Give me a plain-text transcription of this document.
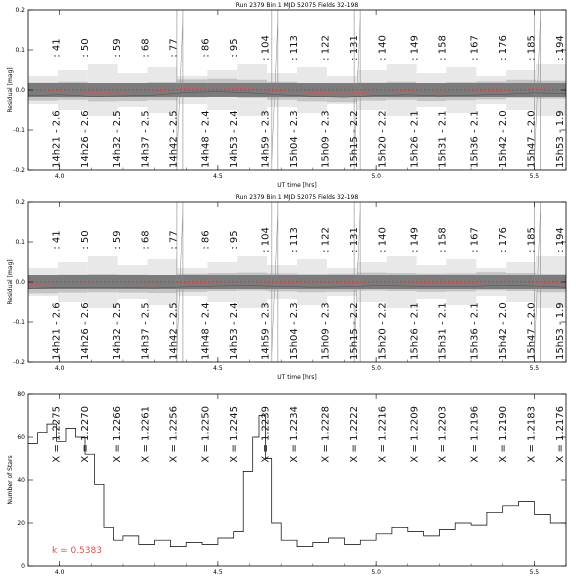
: 41 : 50 : 59 : 68 : 77 : 86 : 95 : 104 : 113 : 122 : 131 : 140 : 149 : 158 : 167 : 176 : 185 : 194
14h21 - 2.6 14h26 - 2.6 14h32 - 2.5 14h37 - 2.5 14h42 - 2.5 14h48 - 2.4 14h53 - 2.4 14h59 - 2.3 15h04 - 2.3 15h09 - 2.3 15h15 - 2.2 15h20 - 2.2 15h26 - 2.1 15h31 - 2.1 15h36 - 2.1 15h42 - 2.0 15h47 - 2.0 15h53 - 1.9
4.0	4.5	5.0	5.5
-0.2
-0.1
0.0
0.1
0.2
Run 2379 Bin 1 MJD 52075 Fields 32-198
UT time [hrs]
Residual [mag]
: 41 : 50 : 59 : 68 : 77 : 86 : 95 : 104 : 113 : 122 : 131 : 140 : 149 : 158 : 167 : 176 : 185 : 194
14h21 - 2.6 14h26 - 2.6 14h32 - 2.5 14h37 - 2.5 14h42 - 2.5 14h48 - 2.4 14h53 - 2.4 14h59 - 2.3 15h04 - 2.3 15h09 - 2.3 15h15 - 2.2 15h20 - 2.2 15h26 - 2.1 15h31 - 2.1 15h36 - 2.1 15h42 - 2.0 15h47 - 2.0 15h53 - 1.9
4.0	4.5	5.0	5.5
-0.2
-0.1
0.0
0.1
0.2
Run 2379 Bin 1 MJD 52075 Fields 32-198
UT time [hrs]
Residual [mag]
X = 1.2275 X = 1.2270 X = 1.2266 X = 1.2261 X = 1.2256 X = 1.2250 X = 1.2245 X = 1.2239 X = 1.2234 X = 1.2228 X = 1.2222 X = 1.2216 X = 1.2209 X = 1.2203 X = 1.2196 X = 1.2190 X = 1.2183 X = 1.2176
k = 0.5383
4.0	4.5	5.0	5.5
0
20
40
60
80
Number of Stars
